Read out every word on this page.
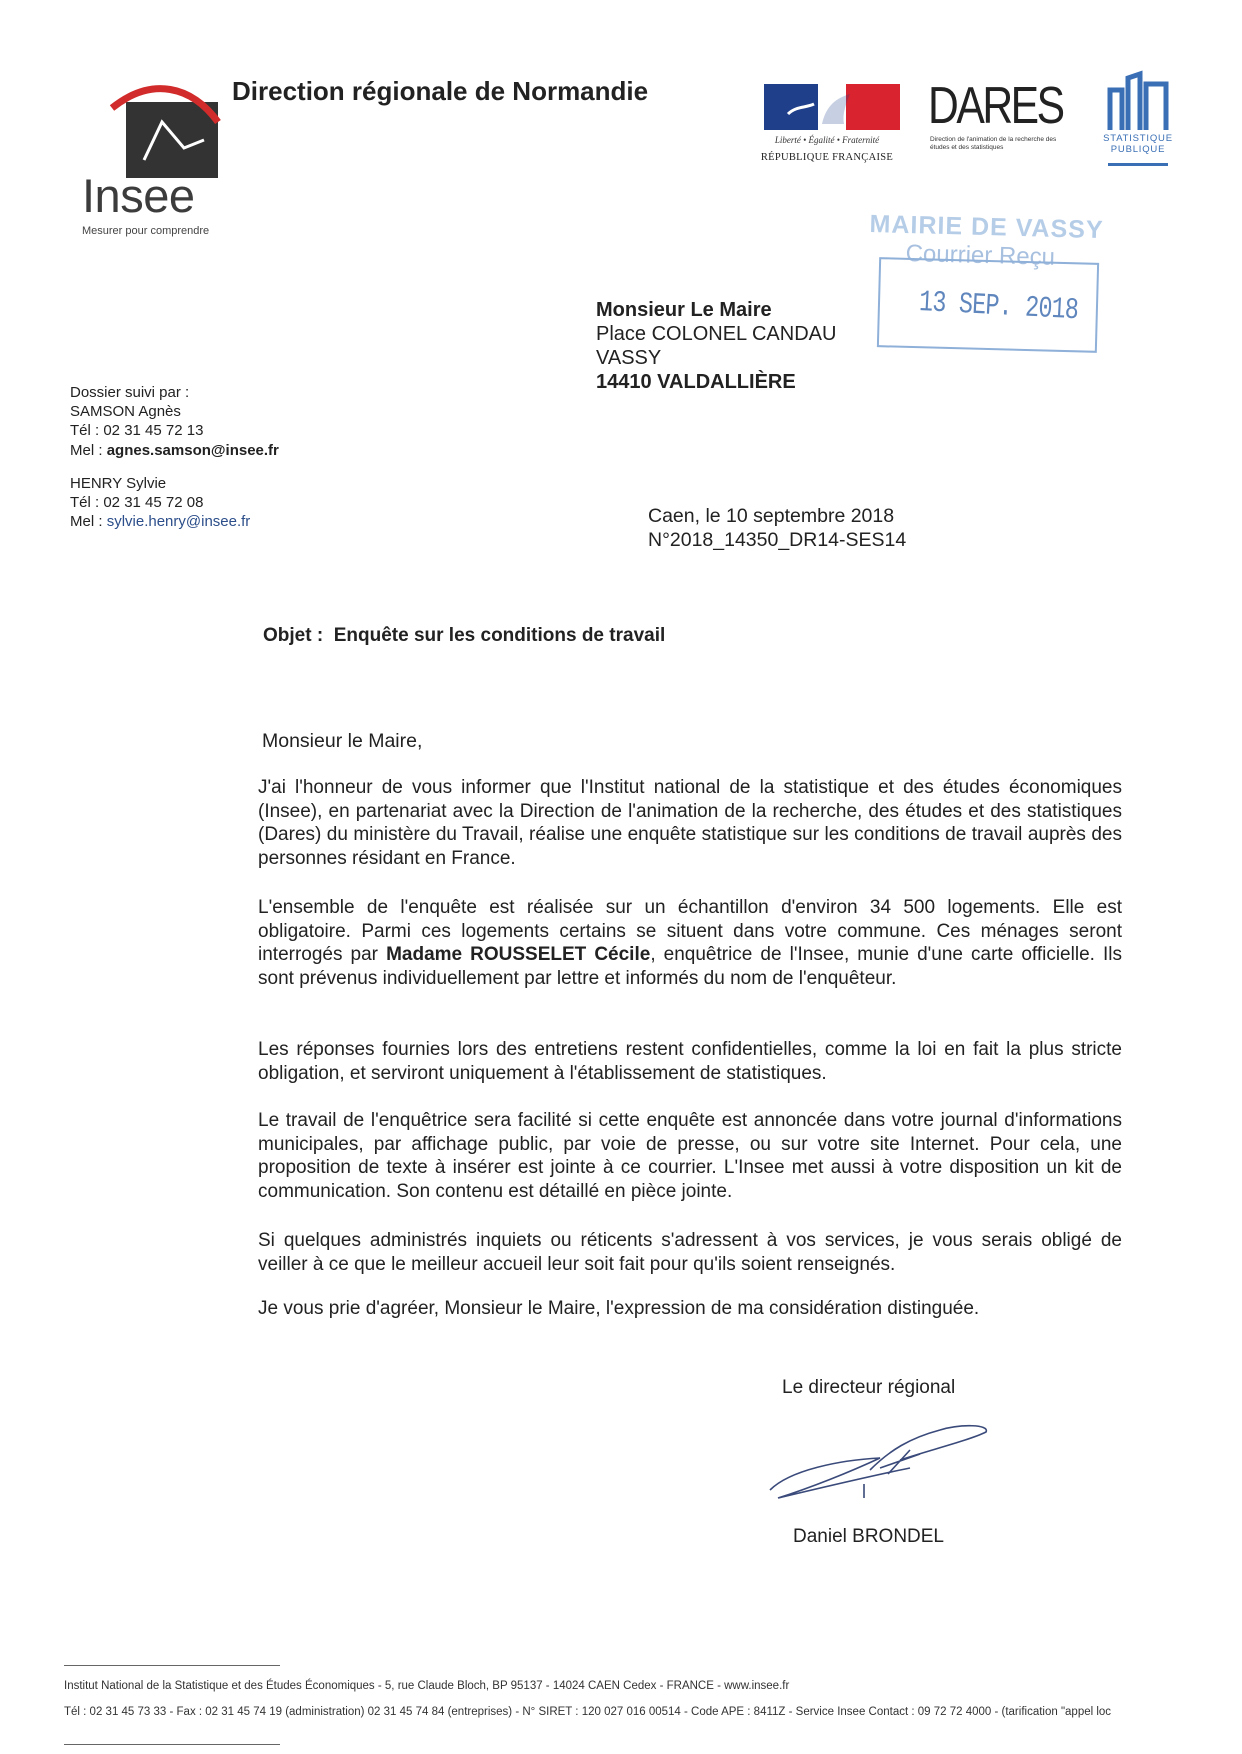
Insee
Mesurer pour comprendre
Direction régionale de Normandie
Liberté • Égalité • Fraternité
RÉPUBLIQUE FRANÇAISE
DARES
Direction de l'animation de la recherche des études et des statistiques
STATISTIQUE
PUBLIQUE
MAIRIE DE VASSY
Courrier Reçu
13 SEP. 2018
Monsieur Le Maire
Place COLONEL CANDAU
VASSY
14410 VALDALLIÈRE
Dossier suivi par :
SAMSON Agnès
Tél : 02 31 45 72 13
Mel : agnes.samson@insee.fr
HENRY Sylvie
Tél : 02 31 45 72 08
Mel : sylvie.henry@insee.fr	Caen, le 10 septembre 2018
N°2018_14350_DR14-SES14
Objet : Enquête sur les conditions de travail
Monsieur le Maire,
J'ai l'honneur de vous informer que l'Institut national de la statistique et des études économiques (Insee), en partenariat avec la Direction de l'animation de la recherche, des études et des statistiques (Dares) du ministère du Travail, réalise une enquête statistique sur les conditions de travail auprès des personnes résidant en France.
L'ensemble de l'enquête est réalisée sur un échantillon d'environ 34 500 logements. Elle est obligatoire. Parmi ces logements certains se situent dans votre commune. Ces ménages seront interrogés par Madame ROUSSELET Cécile, enquêtrice de l'Insee, munie d'une carte officielle. Ils sont prévenus individuellement par lettre et informés du nom de l'enquêteur.
Les réponses fournies lors des entretiens restent confidentielles, comme la loi en fait la plus stricte obligation, et serviront uniquement à l'établissement de statistiques.
Le travail de l'enquêtrice sera facilité si cette enquête est annoncée dans votre journal d'informations municipales, par affichage public, par voie de presse, ou sur votre site Internet. Pour cela, une proposition de texte à insérer est jointe à ce courrier. L'Insee met aussi à votre disposition un kit de communication. Son contenu est détaillé en pièce jointe.
Si quelques administrés inquiets ou réticents s'adressent à vos services, je vous serais obligé de veiller à ce que le meilleur accueil leur soit fait pour qu'ils soient renseignés.
Je vous prie d'agréer, Monsieur le Maire, l'expression de ma considération distinguée.
Le directeur régional
Daniel BRONDEL
Institut National de la Statistique et des Études Économiques - 5, rue Claude Bloch, BP 95137 - 14024 CAEN Cedex - FRANCE - www.insee.fr
Tél : 02 31 45 73 33 - Fax : 02 31 45 74 19 (administration) 02 31 45 74 84 (entreprises) - N° SIRET : 120 027 016 00514 - Code APE : 8411Z - Service Insee Contact : 09 72 72 4000 - (tarification "appel loc
